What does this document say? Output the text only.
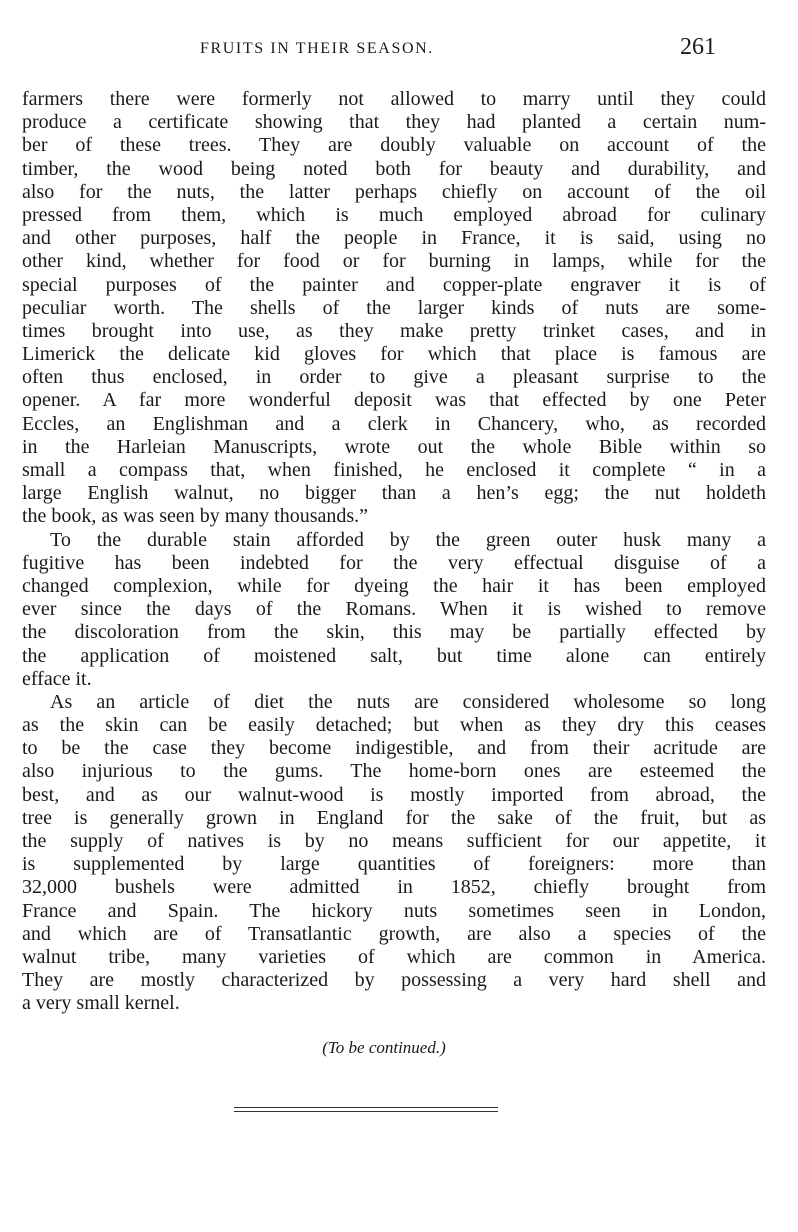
FRUITS IN THEIR SEASON.	261
farmers there were formerly not allowed to marry until they could
produce a certificate showing that they had planted a certain num-
ber of these trees. They are doubly valuable on account of the
timber, the wood being noted both for beauty and durability, and
also for the nuts, the latter perhaps chiefly on account of the oil
pressed from them, which is much employed abroad for culinary
and other purposes, half the people in France, it is said, using no
other kind, whether for food or for burning in lamps, while for the
special purposes of the painter and copper-plate engraver it is of
peculiar worth. The shells of the larger kinds of nuts are some-
times brought into use, as they make pretty trinket cases, and in
Limerick the delicate kid gloves for which that place is famous are
often thus enclosed, in order to give a pleasant surprise to the
opener. A far more wonderful deposit was that effected by one Peter
Eccles, an Englishman and a clerk in Chancery, who, as recorded
in the Harleian Manuscripts, wrote out the whole Bible within so
small a compass that, when finished, he enclosed it complete “ in a
large English walnut, no bigger than a hen’s egg; the nut holdeth
the book, as was seen by many thousands.”
To the durable stain afforded by the green outer husk many a
fugitive has been indebted for the very effectual disguise of a
changed complexion, while for dyeing the hair it has been employed
ever since the days of the Romans. When it is wished to remove
the discoloration from the skin, this may be partially effected by
the application of moistened salt, but time alone can entirely
efface it.
As an article of diet the nuts are considered wholesome so long
as the skin can be easily detached; but when as they dry this ceases
to be the case they become indigestible, and from their acritude are
also injurious to the gums. The home-born ones are esteemed the
best, and as our walnut-wood is mostly imported from abroad, the
tree is generally grown in England for the sake of the fruit, but as
the supply of natives is by no means sufficient for our appetite, it
is supplemented by large quantities of foreigners: more than
32,000 bushels were admitted in 1852, chiefly brought from
France and Spain. The hickory nuts sometimes seen in London,
and which are of Transatlantic growth, are also a species of the
walnut tribe, many varieties of which are common in America.
They are mostly characterized by possessing a very hard shell and
a very small kernel.
(To be continued.)
